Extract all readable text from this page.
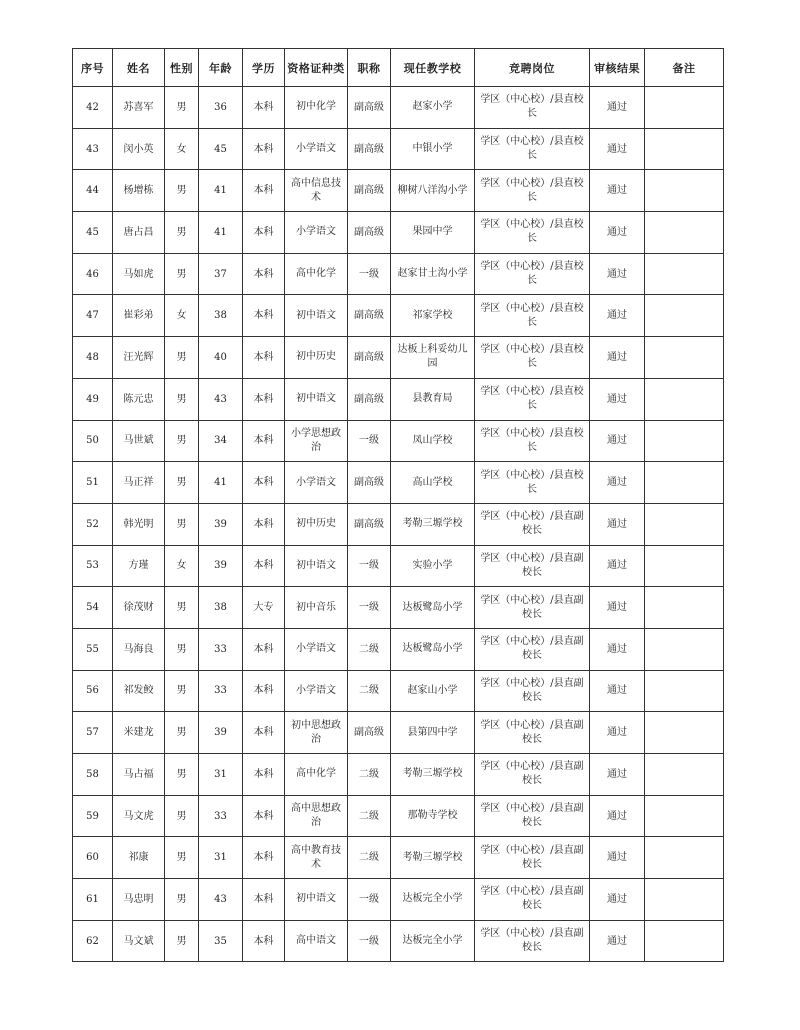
序号	姓名	性别	年龄	学历	资格证种类	职称	现任教学校	竞聘岗位	审核结果	备注
42	苏喜军	男	36	本科	初中化学	副高级	赵家小学	学区（中心校）/县直校长	通过	
43	闵小英	女	45	本科	小学语文	副高级	中银小学	学区（中心校）/县直校长	通过	
44	杨增栋	男	41	本科	高中信息技术	副高级	柳树八洋沟小学	学区（中心校）/县直校长	通过	
45	唐占昌	男	41	本科	小学语文	副高级	果园中学	学区（中心校）/县直校长	通过	
46	马如虎	男	37	本科	高中化学	一级	赵家甘土沟小学	学区（中心校）/县直校长	通过	
47	崔彩弟	女	38	本科	初中语文	副高级	祁家学校	学区（中心校）/县直校长	通过	
48	汪光辉	男	40	本科	初中历史	副高级	达板上科妥幼儿园	学区（中心校）/县直校长	通过	
49	陈元忠	男	43	本科	初中语文	副高级	县教育局	学区（中心校）/县直校长	通过	
50	马世斌	男	34	本科	小学思想政治	一级	凤山学校	学区（中心校）/县直校长	通过	
51	马正祥	男	41	本科	小学语文	副高级	高山学校	学区（中心校）/县直校长	通过	
52	韩光明	男	39	本科	初中历史	副高级	考勒三塬学校	学区（中心校）/县直副校长	通过	
53	方瑾	女	39	本科	初中语文	一级	实验小学	学区（中心校）/县直副校长	通过	
54	徐茂财	男	38	大专	初中音乐	一级	达板鹭岛小学	学区（中心校）/县直副校长	通过	
55	马海良	男	33	本科	小学语文	二级	达板鹭岛小学	学区（中心校）/县直副校长	通过	
56	祁发鲛	男	33	本科	小学语文	二级	赵家山小学	学区（中心校）/县直副校长	通过	
57	米建龙	男	39	本科	初中思想政治	副高级	县第四中学	学区（中心校）/县直副校长	通过	
58	马占福	男	31	本科	高中化学	二级	考勒三塬学校	学区（中心校）/县直副校长	通过	
59	马文虎	男	33	本科	高中思想政治	二级	那勒寺学校	学区（中心校）/县直副校长	通过	
60	祁康	男	31	本科	高中教育技术	二级	考勒三塬学校	学区（中心校）/县直副校长	通过	
61	马忠明	男	43	本科	初中语文	一级	达板完全小学	学区（中心校）/县直副校长	通过	
62	马文斌	男	35	本科	高中语文	一级	达板完全小学	学区（中心校）/县直副校长	通过	
